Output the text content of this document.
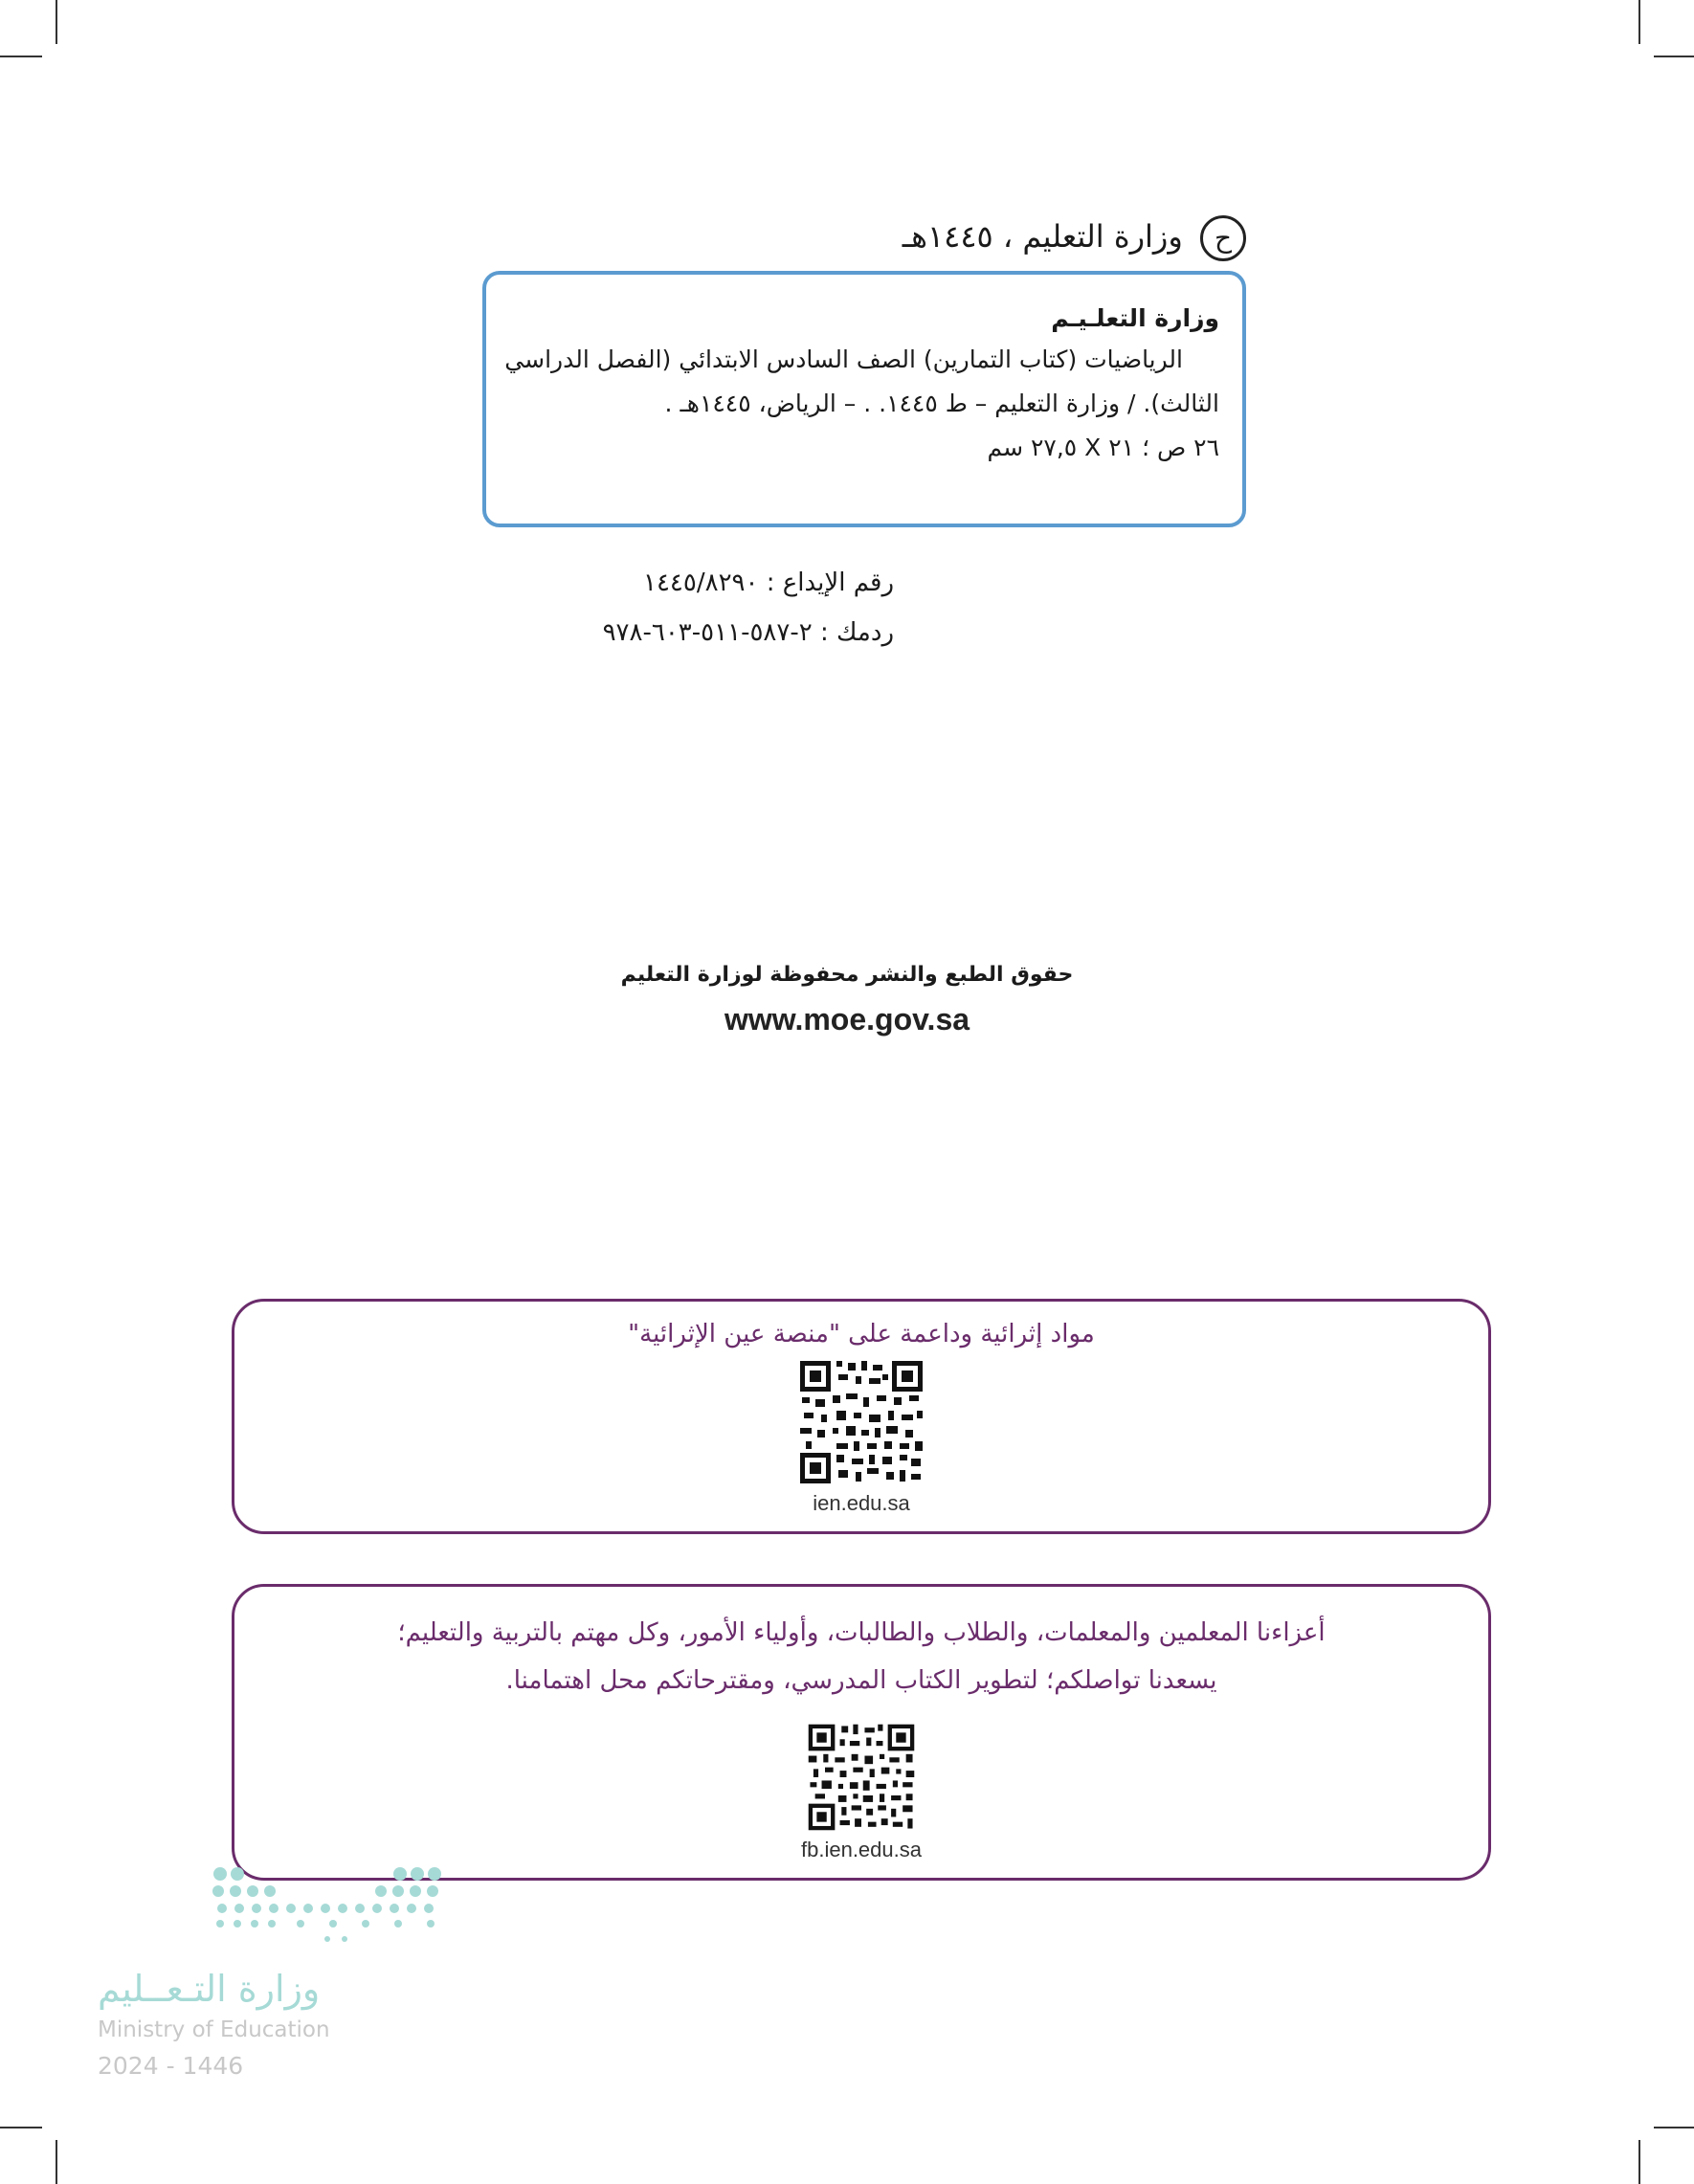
ح وزارة التعليم ، ١٤٤٥هـ
وزارة التعلـيـم
الرياضيات (كتاب التمارين) الصف السادس الابتدائي (الفصل الدراسي
الثالث). / وزارة التعليم – ط ١٤٤٥. . – الرياض، ١٤٤٥هـ .
٢٦ ص ؛ ٢١ X ٢٧,٥ سم
رقم الإيداع : ١٤٤٥/٨٢٩٠
ردمك : ٢-٥٨٧-٥١١-٦٠٣-٩٧٨
حقوق الطبع والنشر محفوظة لوزارة التعليم
www.moe.gov.sa
مواد إثرائية وداعمة على "منصة عين الإثرائية"
ien.edu.sa
أعزاءنا المعلمين والمعلمات، والطلاب والطالبات، وأولياء الأمور، وكل مهتم بالتربية والتعليم؛
يسعدنا تواصلكم؛ لتطوير الكتاب المدرسي، ومقترحاتكم محل اهتمامنا.
fb.ien.edu.sa
وزارة التـعــليم
Ministry of Education
2024 - 1446
